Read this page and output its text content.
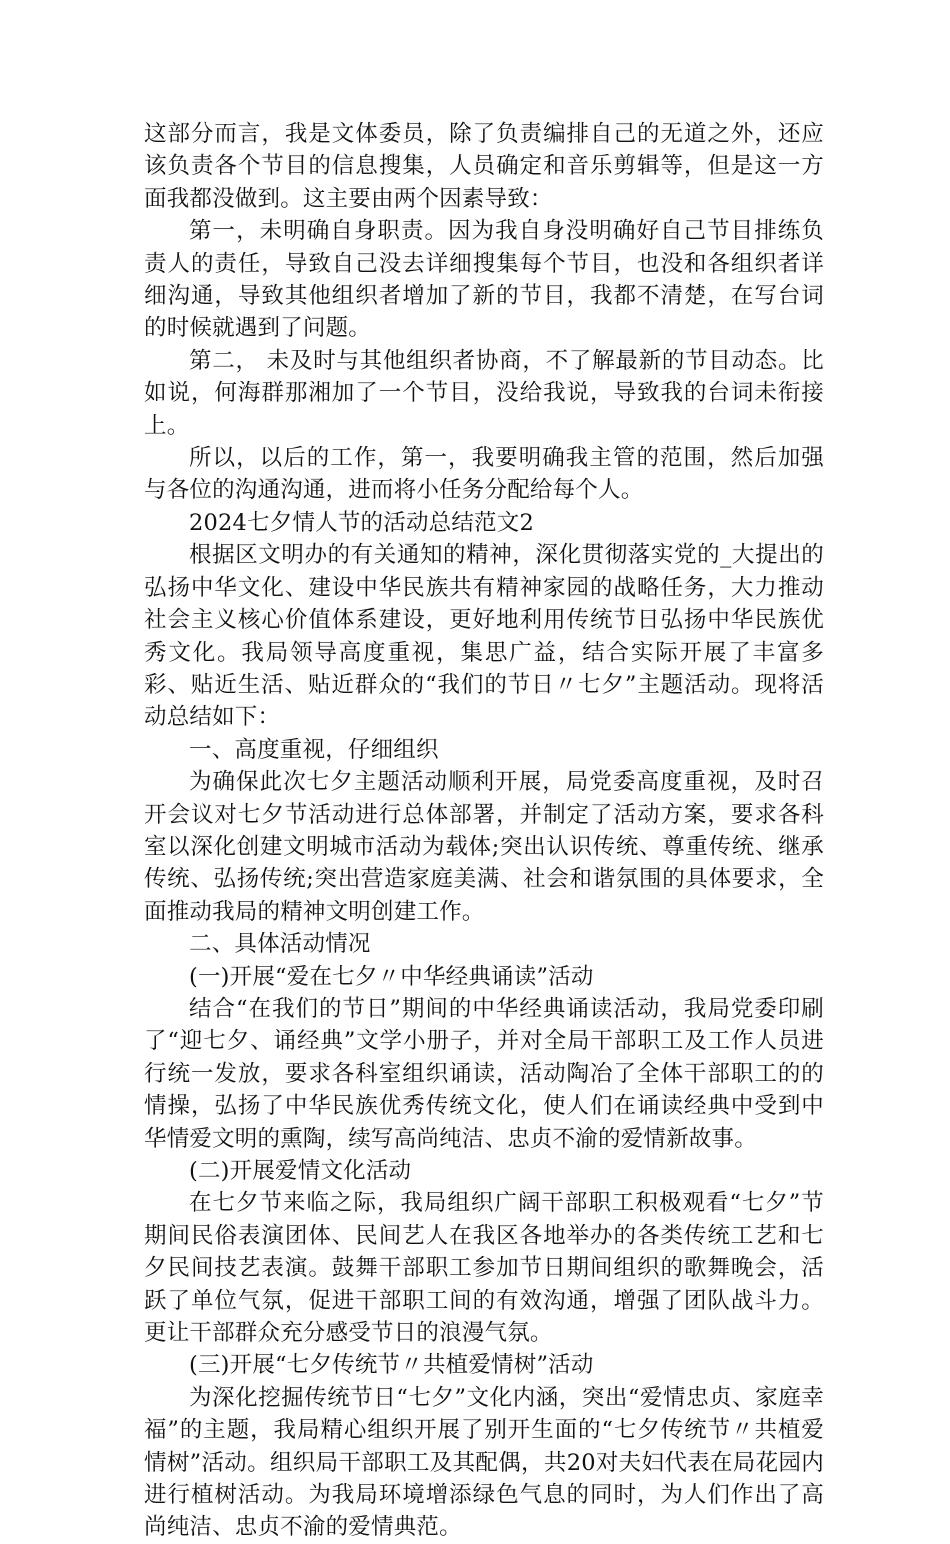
这部分而言，我是文体委员，除了负责编排自己的无道之外，还应该负责各个节目的信息搜集，人员确定和音乐剪辑等，但是这一方面我都没做到。这主要由两个因素导致：

第一，未明确自身职责。因为我自身没明确好自己节目排练负责人的责任，导致自己没去详细搜集每个节目，也没和各组织者详细沟通，导致其他组织者增加了新的节目，我都不清楚，在写台词的时候就遇到了问题。

第二， 未及时与其他组织者协商，不了解最新的节目动态。比如说，何海群那湘加了一个节目，没给我说，导致我的台词未衔接上。

所以，以后的工作，第一，我要明确我主管的范围，然后加强与各位的沟通沟通，进而将小任务分配给每个人。

2024七夕情人节的活动总结范文2

根据区文明办的有关通知的精神，深化贯彻落实党的_大提出的弘扬中华文化、建设中华民族共有精神家园的战略任务，大力推动社会主义核心价值体系建设，更好地利用传统节日弘扬中华民族优秀文化。我局领导高度重视，集思广益，结合实际开展了丰富多彩、贴近生活、贴近群众的“我们的节日〃七夕”主题活动。现将活动总结如下：

一、高度重视，仔细组织

为确保此次七夕主题活动顺利开展，局党委高度重视，及时召开会议对七夕节活动进行总体部署，并制定了活动方案，要求各科室以深化创建文明城市活动为载体;突出认识传统、尊重传统、继承传统、弘扬传统;突出营造家庭美满、社会和谐氛围的具体要求，全面推动我局的精神文明创建工作。

二、具体活动情况

(一)开展“爱在七夕〃中华经典诵读”活动

结合“在我们的节日”期间的中华经典诵读活动，我局党委印刷了“迎七夕、诵经典”文学小册子，并对全局干部职工及工作人员进行统一发放，要求各科室组织诵读，活动陶冶了全体干部职工的的情操，弘扬了中华民族优秀传统文化，使人们在诵读经典中受到中华情爱文明的熏陶，续写高尚纯洁、忠贞不渝的爱情新故事。

(二)开展爱情文化活动

在七夕节来临之际，我局组织广阔干部职工积极观看“七夕”节期间民俗表演团体、民间艺人在我区各地举办的各类传统工艺和七夕民间技艺表演。鼓舞干部职工参加节日期间组织的歌舞晚会，活跃了单位气氛，促进干部职工间的有效沟通，增强了团队战斗力。更让干部群众充分感受节日的浪漫气氛。

(三)开展“七夕传统节〃共植爱情树”活动

为深化挖掘传统节日“七夕”文化内涵，突出“爱情忠贞、家庭幸福”的主题，我局精心组织开展了别开生面的“七夕传统节〃共植爱情树”活动。组织局干部职工及其配偶，共20对夫妇代表在局花园内进行植树活动。为我局环境增添绿色气息的同时，为人们作出了高尚纯洁、忠贞不渝的爱情典范。
